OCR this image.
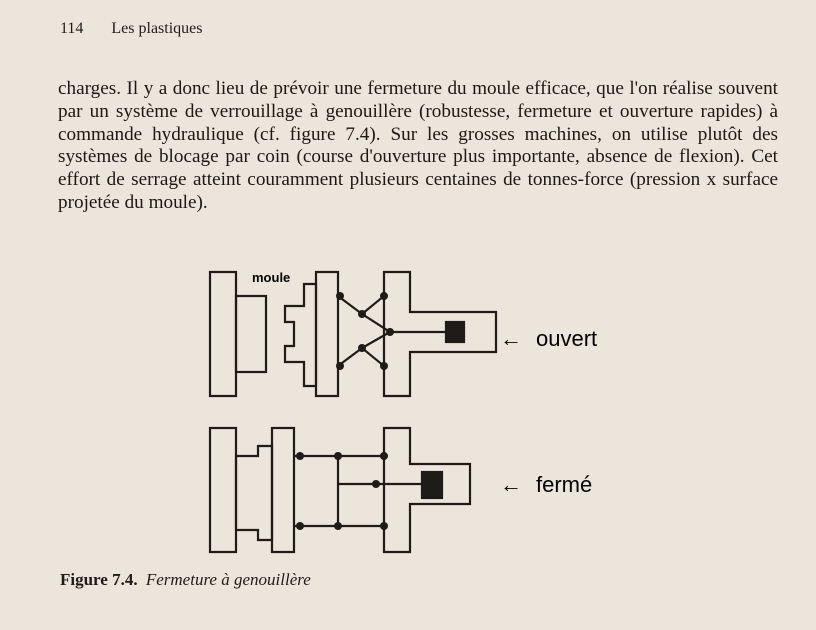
114 Les plastiques
charges. Il y a donc lieu de prévoir une fermeture du moule efficace, que l'on réalise souvent par un système de verrouillage à genouillère (robustesse, fermeture et ouverture rapides) à commande hydraulique (cf. figure 7.4). Sur les grosses machines, on utilise plutôt des systèmes de blocage par coin (course d'ouverture plus importante, absence de flexion). Cet effort de serrage atteint couramment plusieurs centaines de tonnes-force (pression x surface projetée du moule).
moule
← ouvert
← fermé
Figure 7.4. Fermeture à genouillère
